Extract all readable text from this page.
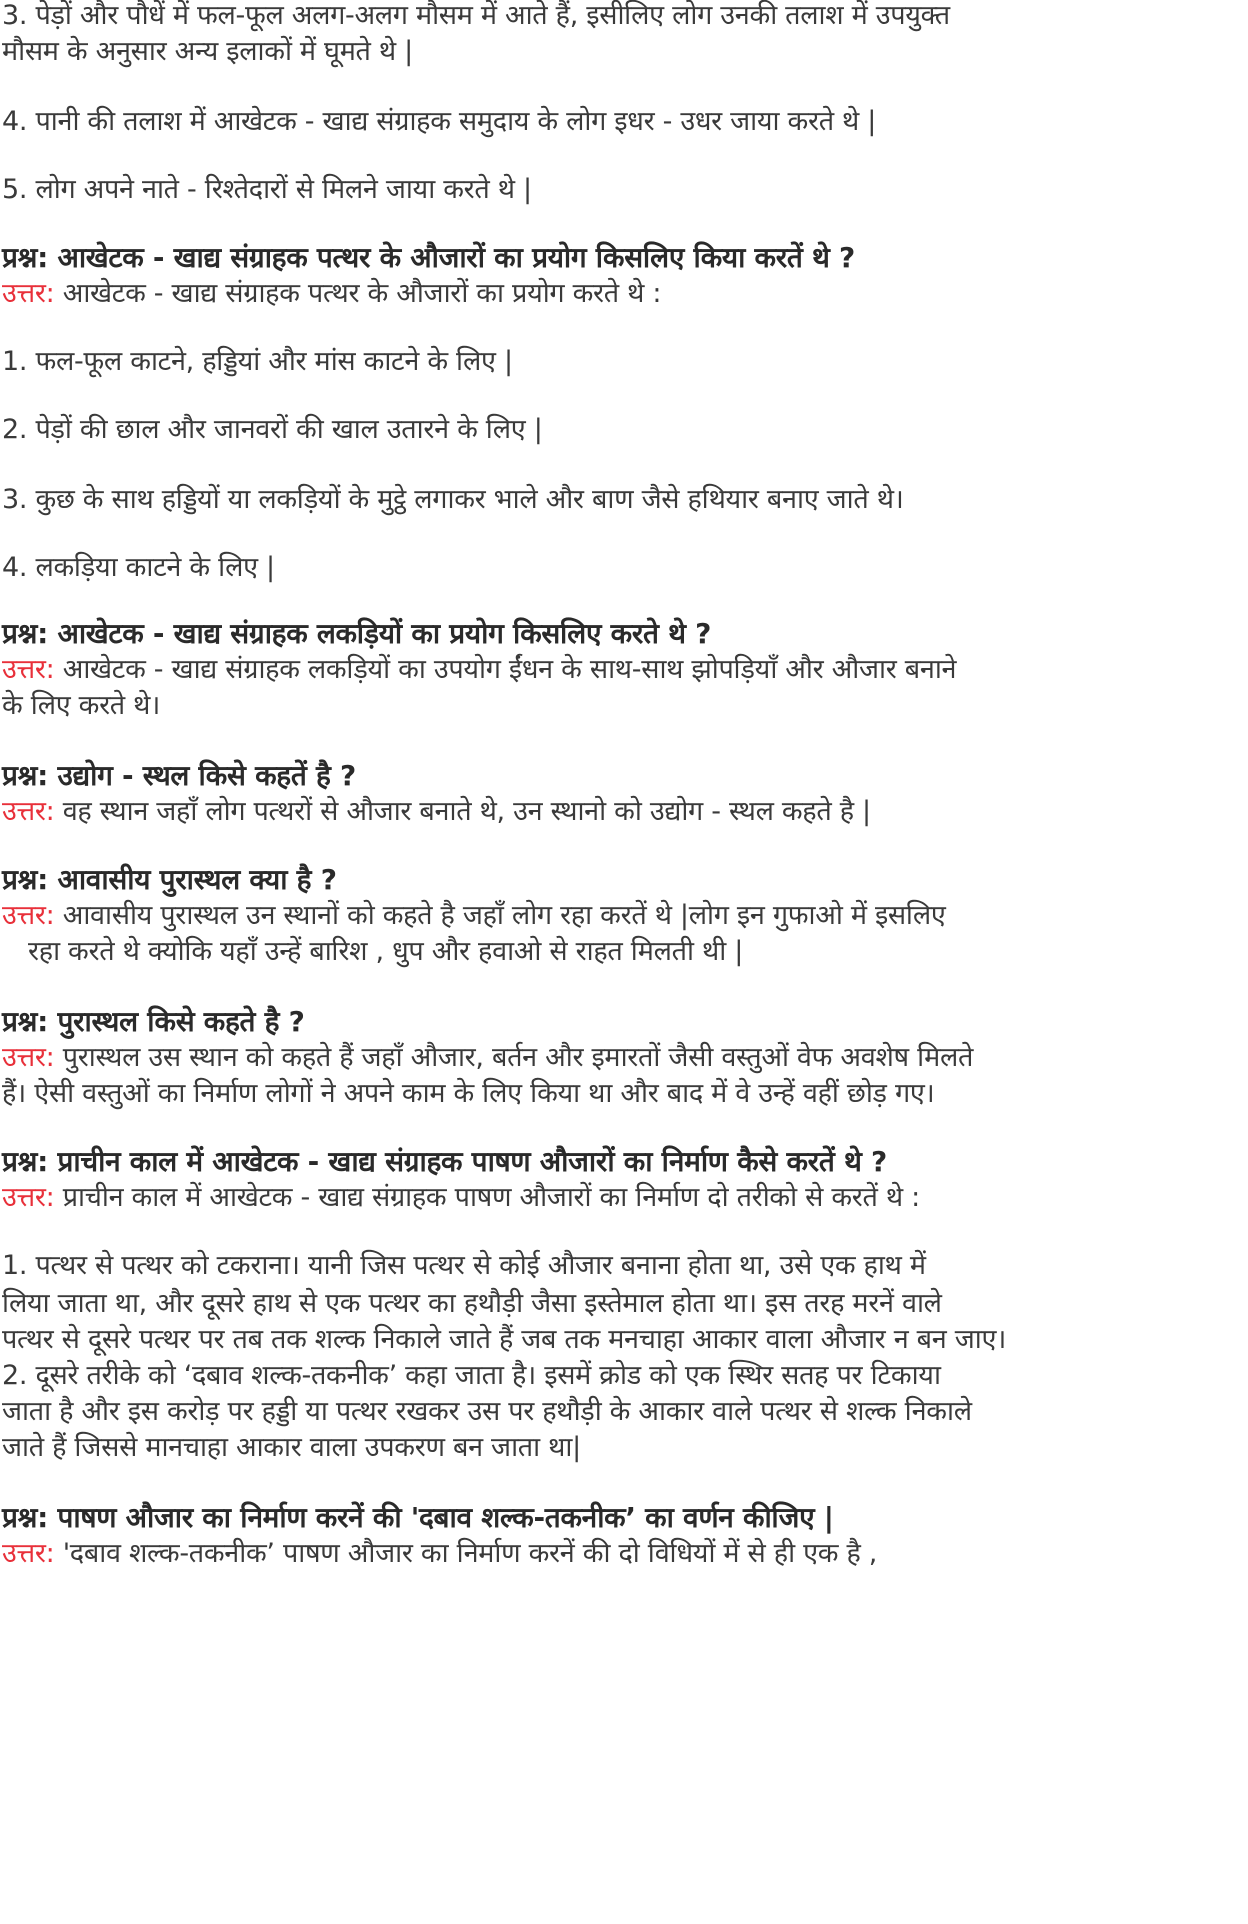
3. पेड़ों और पौधें में फल-फूल अलग-अलग मौसम में आते हैं, इसीलिए लोग उनकी तलाश में उपयुक्त
मौसम के अनुसार अन्य इलाकों में घूमते थे |
4. पानी की तलाश में आखेटक - खाद्य संग्राहक समुदाय के लोग इधर - उधर जाया करते थे |
5. लोग अपने नाते - रिश्तेदारों से मिलने जाया करते थे |
प्रश्न: आखेटक - खाद्य संग्राहक पत्थर के औजारों का प्रयोग किसलिए किया करतें थे ?
उत्तर: आखेटक - खाद्य संग्राहक पत्थर के औजारों का प्रयोग करते थे :
1. फल-फूल काटने, हड्डियां और मांस काटने के लिए |
2. पेड़ों की छाल और जानवरों की खाल उतारने के लिए |
3. कुछ के साथ हड्डियों या लकड़ियों के मुट्ठे लगाकर भाले और बाण जैसे हथियार बनाए जाते थे।
4. लकड़िया काटने के लिए |
प्रश्न: आखेटक - खाद्य संग्राहक लकड़ियों का प्रयोग किसलिए करते थे ?
उत्तर: आखेटक - खाद्य संग्राहक लकड़ियों का उपयोग ईंधन के साथ-साथ झोपड़ियाँ और औजार बनाने
के लिए करते थे।
प्रश्न: उद्योग - स्थल किसे कहतें है ?
उत्तर: वह स्थान जहाँ लोग पत्थरों से औजार बनाते थे, उन स्थानो को उद्योग - स्थल कहते है |
प्रश्न: आवासीय पुरास्थल क्या है ?
उत्तर: आवासीय पुरास्थल उन स्थानों को कहते है जहाँ लोग रहा करतें थे |लोग इन गुफाओ में इसलिए
रहा करते थे क्योकि यहाँ उन्हें बारिश , धुप और हवाओ से राहत मिलती थी |
प्रश्न: पुरास्थल किसे कहते है ?
उत्तर: पुरास्थल उस स्थान को कहते हैं जहाँ औजार, बर्तन और इमारतों जैसी वस्तुओं वेफ अवशेष मिलते
हैं। ऐसी वस्तुओं का निर्माण लोगों ने अपने काम के लिए किया था और बाद में वे उन्हें वहीं छोड़ गए।
प्रश्न: प्राचीन काल में आखेटक - खाद्य संग्राहक पाषण औजारों का निर्माण कैसे करतें थे ?
उत्तर: प्राचीन काल में आखेटक - खाद्य संग्राहक पाषण औजारों का निर्माण दो तरीको से करतें थे :
1. पत्थर से पत्थर को टकराना। यानी जिस पत्थर से कोई औजार बनाना होता था, उसे एक हाथ में
लिया जाता था, और दूसरे हाथ से एक पत्थर का हथौड़ी जैसा इस्तेमाल होता था। इस तरह मरनें वाले
पत्थर से दूसरे पत्थर पर तब तक शल्क निकाले जाते हैं जब तक मनचाहा आकार वाला औजार न बन जाए।
2. दूसरे तरीके को ‘दबाव शल्क-तकनीक’ कहा जाता है। इसमें क्रोड को एक स्थिर सतह पर टिकाया
जाता है और इस करोड़ पर हड्डी या पत्थर रखकर उस पर हथौड़ी के आकार वाले पत्थर से शल्क निकाले
जाते हैं जिससे मानचाहा आकार वाला उपकरण बन जाता था|
प्रश्न: पाषण औजार का निर्माण करनें की 'दबाव शल्क-तकनीक’ का वर्णन कीजिए |
उत्तर: 'दबाव शल्क-तकनीक’ पाषण औजार का निर्माण करनें की दो विधियों में से ही एक है ,
